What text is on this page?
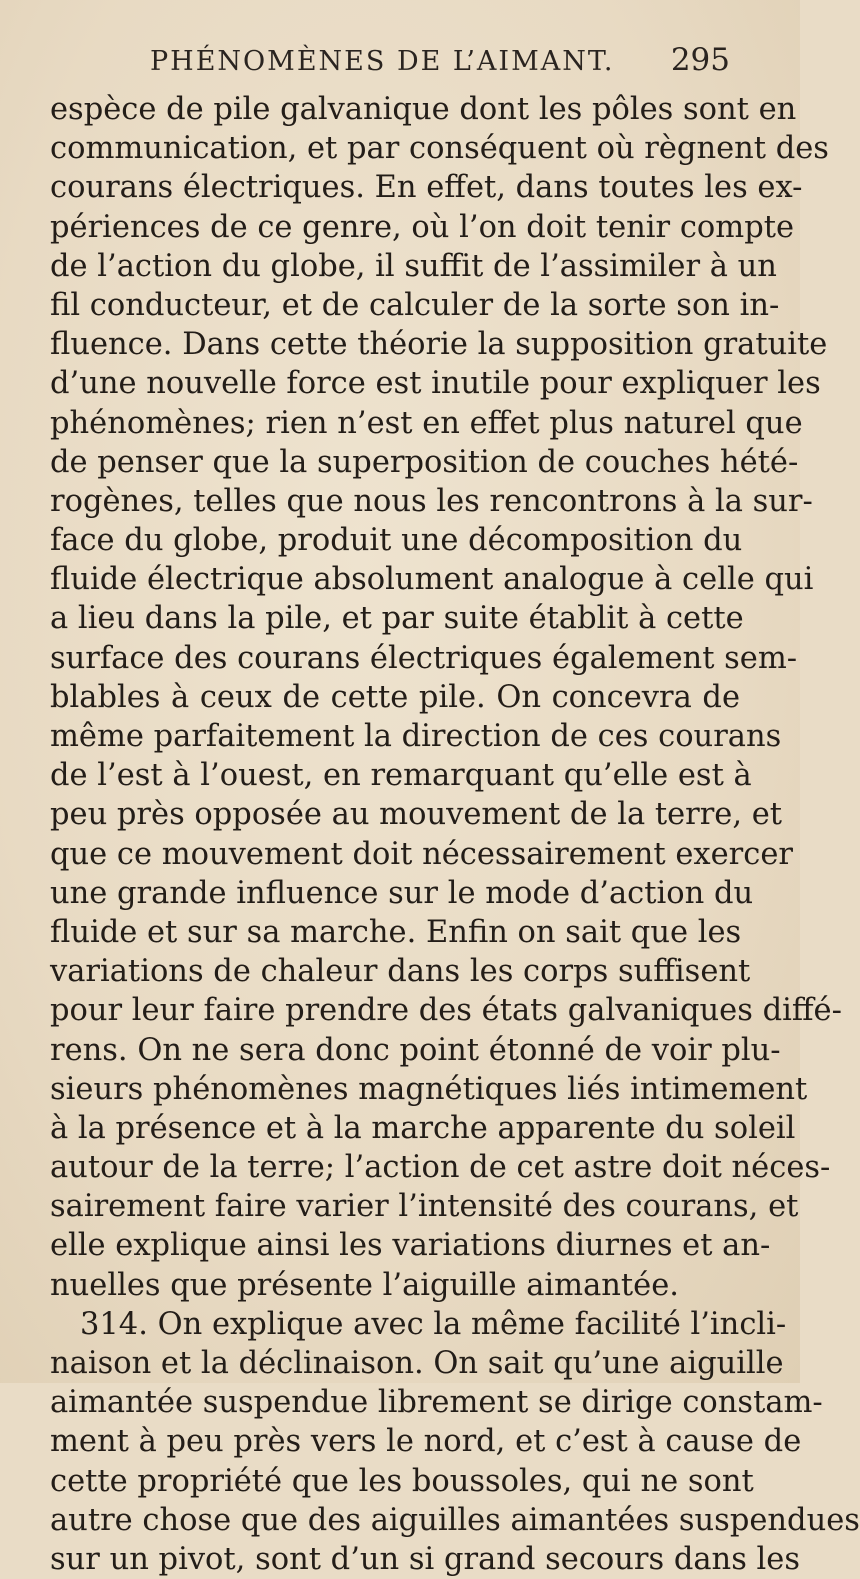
PHÉNOMÈNES DE L’AIMANT. 295
espèce de pile galvanique dont les pôles sont en
communication, et par conséquent où règnent des
courans électriques. En effet, dans toutes les ex-
périences de ce genre, où l’on doit tenir compte
de l’action du globe, il suffit de l’assimiler à un
fil conducteur, et de calculer de la sorte son in-
fluence. Dans cette théorie la supposition gratuite
d’une nouvelle force est inutile pour expliquer les
phénomènes; rien n’est en effet plus naturel que
de penser que la superposition de couches hété-
rogènes, telles que nous les rencontrons à la sur-
face du globe, produit une décomposition du
fluide électrique absolument analogue à celle qui
a lieu dans la pile, et par suite établit à cette
surface des courans électriques également sem-
blables à ceux de cette pile. On concevra de
même parfaitement la direction de ces courans
de l’est à l’ouest, en remarquant qu’elle est à
peu près opposée au mouvement de la terre, et
que ce mouvement doit nécessairement exercer
une grande influence sur le mode d’action du
fluide et sur sa marche. Enfin on sait que les
variations de chaleur dans les corps suffisent
pour leur faire prendre des états galvaniques diffé-
rens. On ne sera donc point étonné de voir plu-
sieurs phénomènes magnétiques liés intimement
à la présence et à la marche apparente du soleil
autour de la terre; l’action de cet astre doit néces-
sairement faire varier l’intensité des courans, et
elle explique ainsi les variations diurnes et an-
nuelles que présente l’aiguille aimantée.
314. On explique avec la même facilité l’incli-
naison et la déclinaison. On sait qu’une aiguille
aimantée suspendue librement se dirige constam-
ment à peu près vers le nord, et c’est à cause de
cette propriété que les boussoles, qui ne sont
autre chose que des aiguilles aimantées suspendues
sur un pivot, sont d’un si grand secours dans les
